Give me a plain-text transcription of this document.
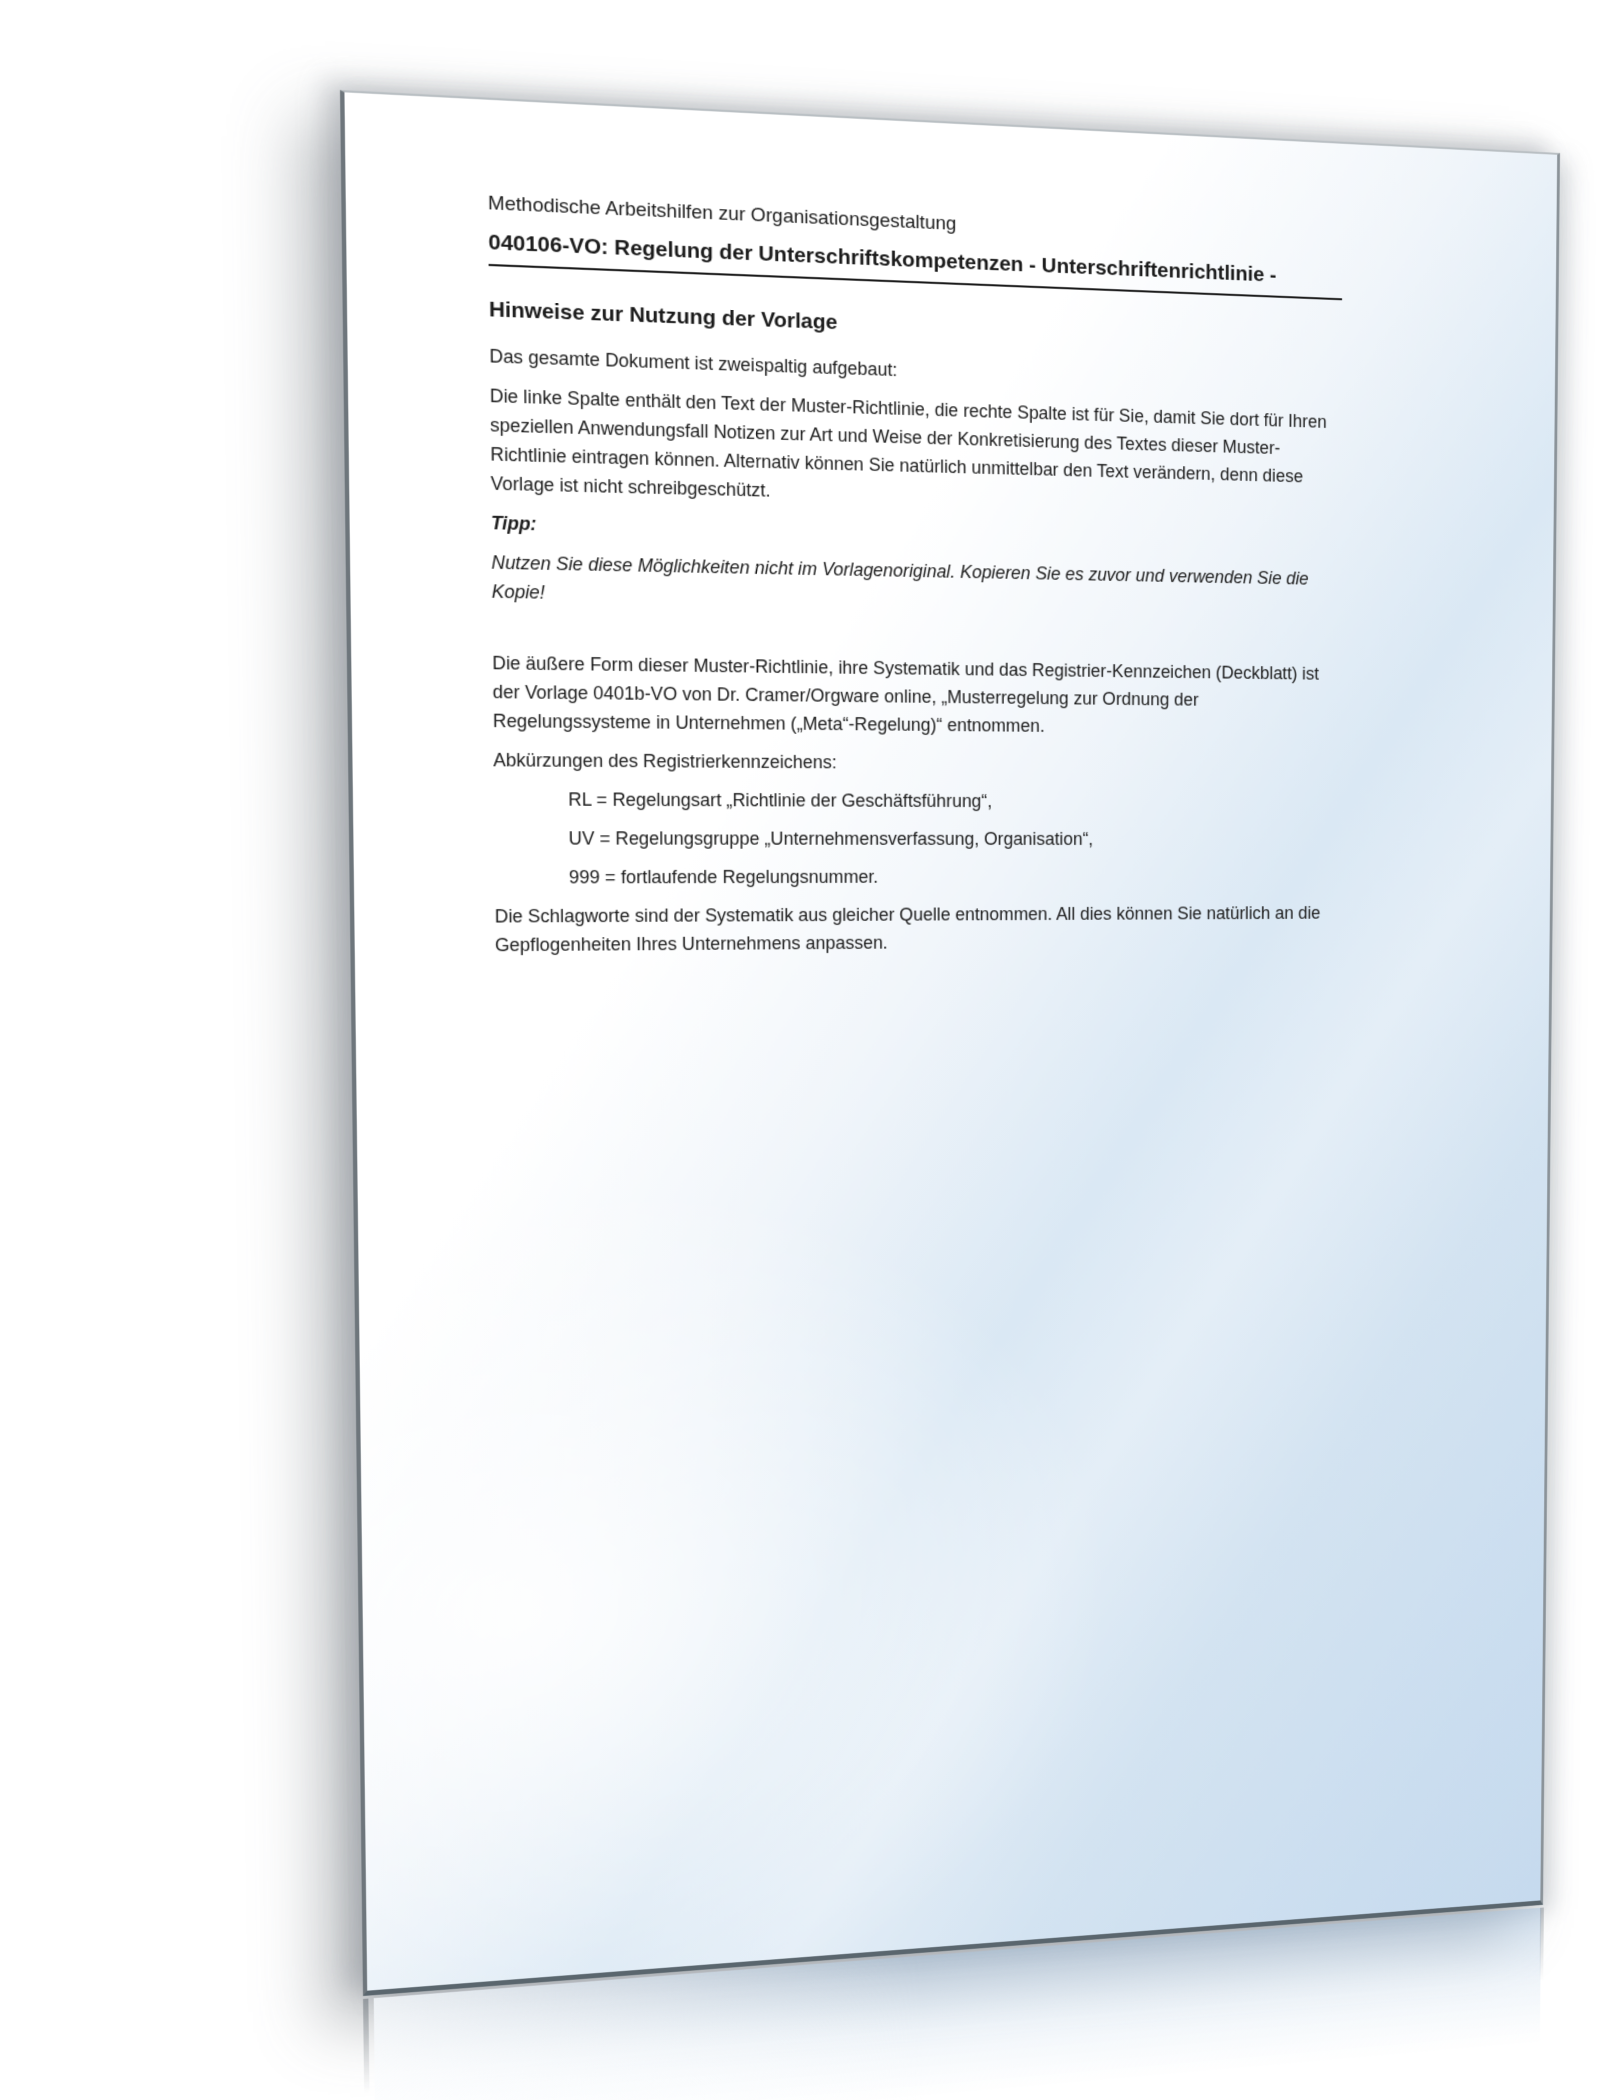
Methodische Arbeitshilfen zur Organisationsgestaltung

040106-VO: Regelung der Unterschriftskompetenzen - Unterschriftenrichtlinie -

Hinweise zur Nutzung der Vorlage

Das gesamte Dokument ist zweispaltig aufgebaut:

Die linke Spalte enthält den Text der Muster-Richtlinie, die rechte Spalte ist für Sie, damit Sie dort für Ihren speziellen Anwendungsfall Notizen zur Art und Weise der Konkretisierung des Textes dieser Muster-Richtlinie eintragen können. Alternativ können Sie natürlich unmittelbar den Text verändern, denn diese Vorlage ist nicht schreibgeschützt.

Tipp:

Nutzen Sie diese Möglichkeiten nicht im Vorlagenoriginal. Kopieren Sie es zuvor und verwenden Sie die Kopie!

Die äußere Form dieser Muster-Richtlinie, ihre Systematik und das Registrier-Kennzeichen (Deckblatt) ist der Vorlage 0401b-VO von Dr. Cramer/Orgware online, „Musterregelung zur Ordnung der Regelungssysteme in Unternehmen („Meta“-Regelung)“ entnommen.

Abkürzungen des Registrierkennzeichens:

RL = Regelungsart „Richtlinie der Geschäftsführung“,
UV = Regelungsgruppe „Unternehmensverfassung, Organisation“,
999 = fortlaufende Regelungsnummer.

Die Schlagworte sind der Systematik aus gleicher Quelle entnommen. All dies können Sie natürlich an die Gepflogenheiten Ihres Unternehmens anpassen.
